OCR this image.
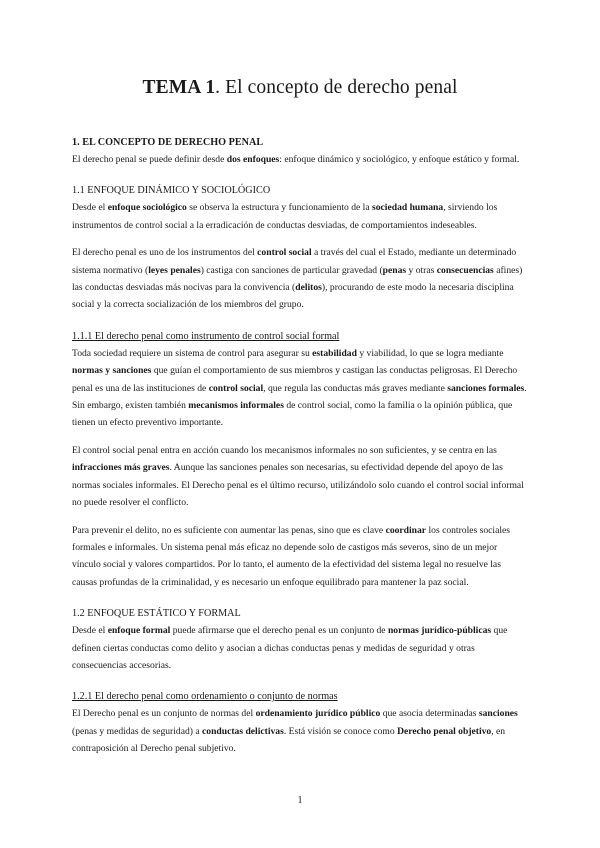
TEMA 1. El concepto de derecho penal
1. EL CONCEPTO DE DERECHO PENAL

El derecho penal se puede definir desde dos enfoques: enfoque dinámico y sociológico, y enfoque estático y formal.

1.1 ENFOQUE DINÁMICO Y SOCIOLÓGICO

Desde el enfoque sociológico se observa la estructura y funcionamiento de la sociedad humana, sirviendo los instrumentos de control social a la erradicación de conductas desviadas, de comportamientos indeseables.

El derecho penal es uno de los instrumentos del control social a través del cual el Estado, mediante un determinado sistema normativo (leyes penales) castiga con sanciones de particular gravedad (penas y otras consecuencias afines) las conductas desviadas más nocivas para la convivencia (delitos), procurando de este modo la necesaria disciplina social y la correcta socialización de los miembros del grupo.

1.1.1 El derecho penal como instrumento de control social formal

Toda sociedad requiere un sistema de control para asegurar su estabilidad y viabilidad, lo que se logra mediante normas y sanciones que guían el comportamiento de sus miembros y castigan las conductas peligrosas. El Derecho penal es una de las instituciones de control social, que regula las conductas más graves mediante sanciones formales. Sin embargo, existen también mecanismos informales de control social, como la familia o la opinión pública, que tienen un efecto preventivo importante.

El control social penal entra en acción cuando los mecanismos informales no son suficientes, y se centra en las infracciones más graves. Aunque las sanciones penales son necesarias, su efectividad depende del apoyo de las normas sociales informales. El Derecho penal es el último recurso, utilizándolo solo cuando el control social informal no puede resolver el conflicto.

Para prevenir el delito, no es suficiente con aumentar las penas, sino que es clave coordinar los controles sociales formales e informales. Un sistema penal más eficaz no depende solo de castigos más severos, sino de un mejor vínculo social y valores compartidos. Por lo tanto, el aumento de la efectividad del sistema legal no resuelve las causas profundas de la criminalidad, y es necesario un enfoque equilibrado para mantener la paz social.

1.2 ENFOQUE ESTÁTICO Y FORMAL

Desde el enfoque formal puede afirmarse que el derecho penal es un conjunto de normas jurídico-públicas que definen ciertas conductas como delito y asocian a dichas conductas penas y medidas de seguridad y otras consecuencias accesorias.

1.2.1 El derecho penal como ordenamiento o conjunto de normas

El Derecho penal es un conjunto de normas del ordenamiento jurídico público que asocia determinadas sanciones (penas y medidas de seguridad) a conductas delictivas. Está visión se conoce como Derecho penal objetivo, en contraposición al Derecho penal subjetivo.

1
